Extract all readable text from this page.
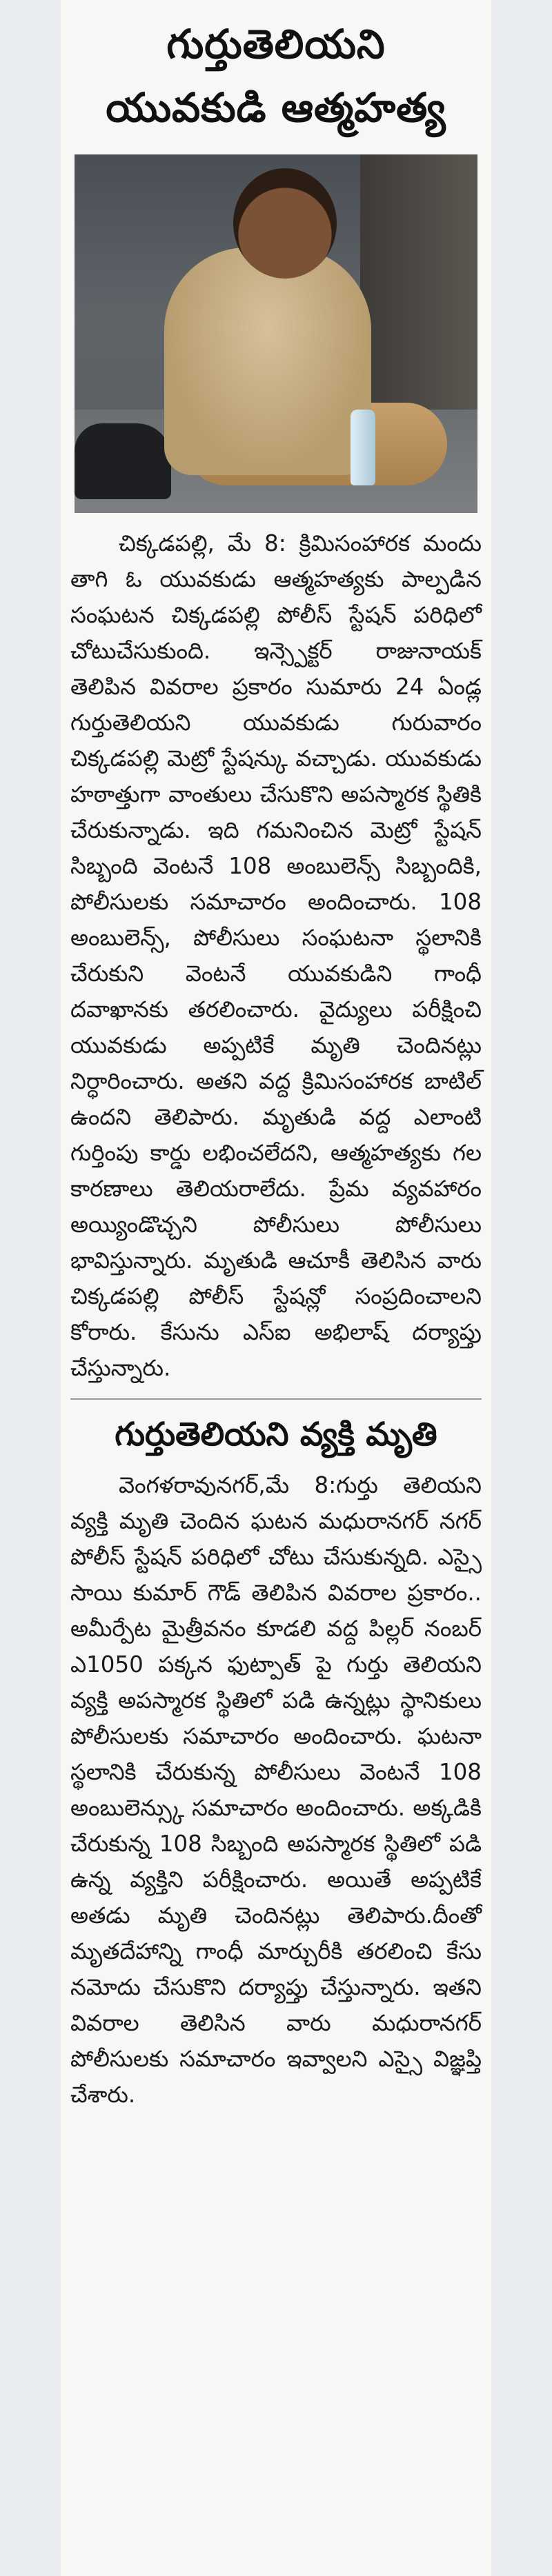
గుర్తుతెలియని
యువకుడి ఆత్మహత్య

చిక్కడపల్లి, మే 8: క్రిమిసంహారక మందు తాగి ఓ యువకుడు ఆత్మహత్యకు పాల్పడిన సంఘటన చిక్కడపల్లి పోలీస్ స్టేషన్ పరిధిలో చోటుచేసుకుంది. ఇన్స్పెక్టర్ రాజునాయక్ తెలిపిన వివరాల ప్రకారం సుమారు 24 ఏండ్ల గుర్తుతెలియని యువకుడు గురువారం చిక్కడపల్లి మెట్రో స్టేషన్కు వచ్చాడు. యువకుడు హఠాత్తుగా వాంతులు చేసుకొని అపస్మారక స్థితికి చేరుకున్నాడు. ఇది గమనించిన మెట్రో స్టేషన్ సిబ్బంది వెంటనే 108 అంబులెన్స్ సిబ్బందికి, పోలీసులకు సమాచారం అందించారు. 108 అంబులెన్స్, పోలీసులు సంఘటనా స్థలానికి చేరుకుని వెంటనే యువకుడిని గాంధీ దవాఖానకు తరలించారు. వైద్యులు పరీక్షించి యువకుడు అప్పటికే మృతి చెందినట్లు నిర్ధారించారు. అతని వద్ద క్రిమిసంహారక బాటిల్ ఉందని తెలిపారు. మృతుడి వద్ద ఎలాంటి గుర్తింపు కార్డు లభించలేదని, ఆత్మహత్యకు గల కారణాలు తెలియరాలేదు. ప్రేమ వ్యవహారం అయ్యిండొచ్చని పోలీసులు పోలీసులు భావిస్తున్నారు. మృతుడి ఆచూకీ తెలిసిన వారు చిక్కడపల్లి పోలీస్ స్టేషన్లో సంప్రదించాలని కోరారు. కేసును ఎస్ఐ అభిలాష్ దర్యాప్తు చేస్తున్నారు.

గుర్తుతెలియని వ్యక్తి మృతి

వెంగళరావునగర్,మే 8:గుర్తు తెలియని వ్యక్తి మృతి చెందిన ఘటన మధురానగర్ నగర్ పోలీస్ స్టేషన్ పరిధిలో చోటు చేసుకున్నది. ఎస్సై సాయి కుమార్ గౌడ్ తెలిపిన వివరాల ప్రకారం.. అమీర్పేట మైత్రీవనం కూడలి వద్ద పిల్లర్ నంబర్ ఎ1050 పక్కన ఫుట్పాత్ పై గుర్తు తెలియని వ్యక్తి అపస్మారక స్థితిలో పడి ఉన్నట్లు స్థానికులు పోలీసులకు సమాచారం అందించారు. ఘటనా స్థలానికి చేరుకున్న పోలీసులు వెంటనే 108 అంబులెన్స్కు సమాచారం అందించారు. అక్కడికి చేరుకున్న 108 సిబ్బంది అపస్మారక స్థితిలో పడి ఉన్న వ్యక్తిని పరీక్షించారు. అయితే అప్పటికే అతడు మృతి చెందినట్లు తెలిపారు.దీంతో మృతదేహాన్ని గాంధీ మార్చురీకి తరలించి కేసు నమోదు చేసుకొని దర్యాప్తు చేస్తున్నారు. ఇతని వివరాల తెలిసిన వారు మధురానగర్ పోలీసులకు సమాచారం ఇవ్వాలని ఎస్సై విజ్ఞప్తి చేశారు.
